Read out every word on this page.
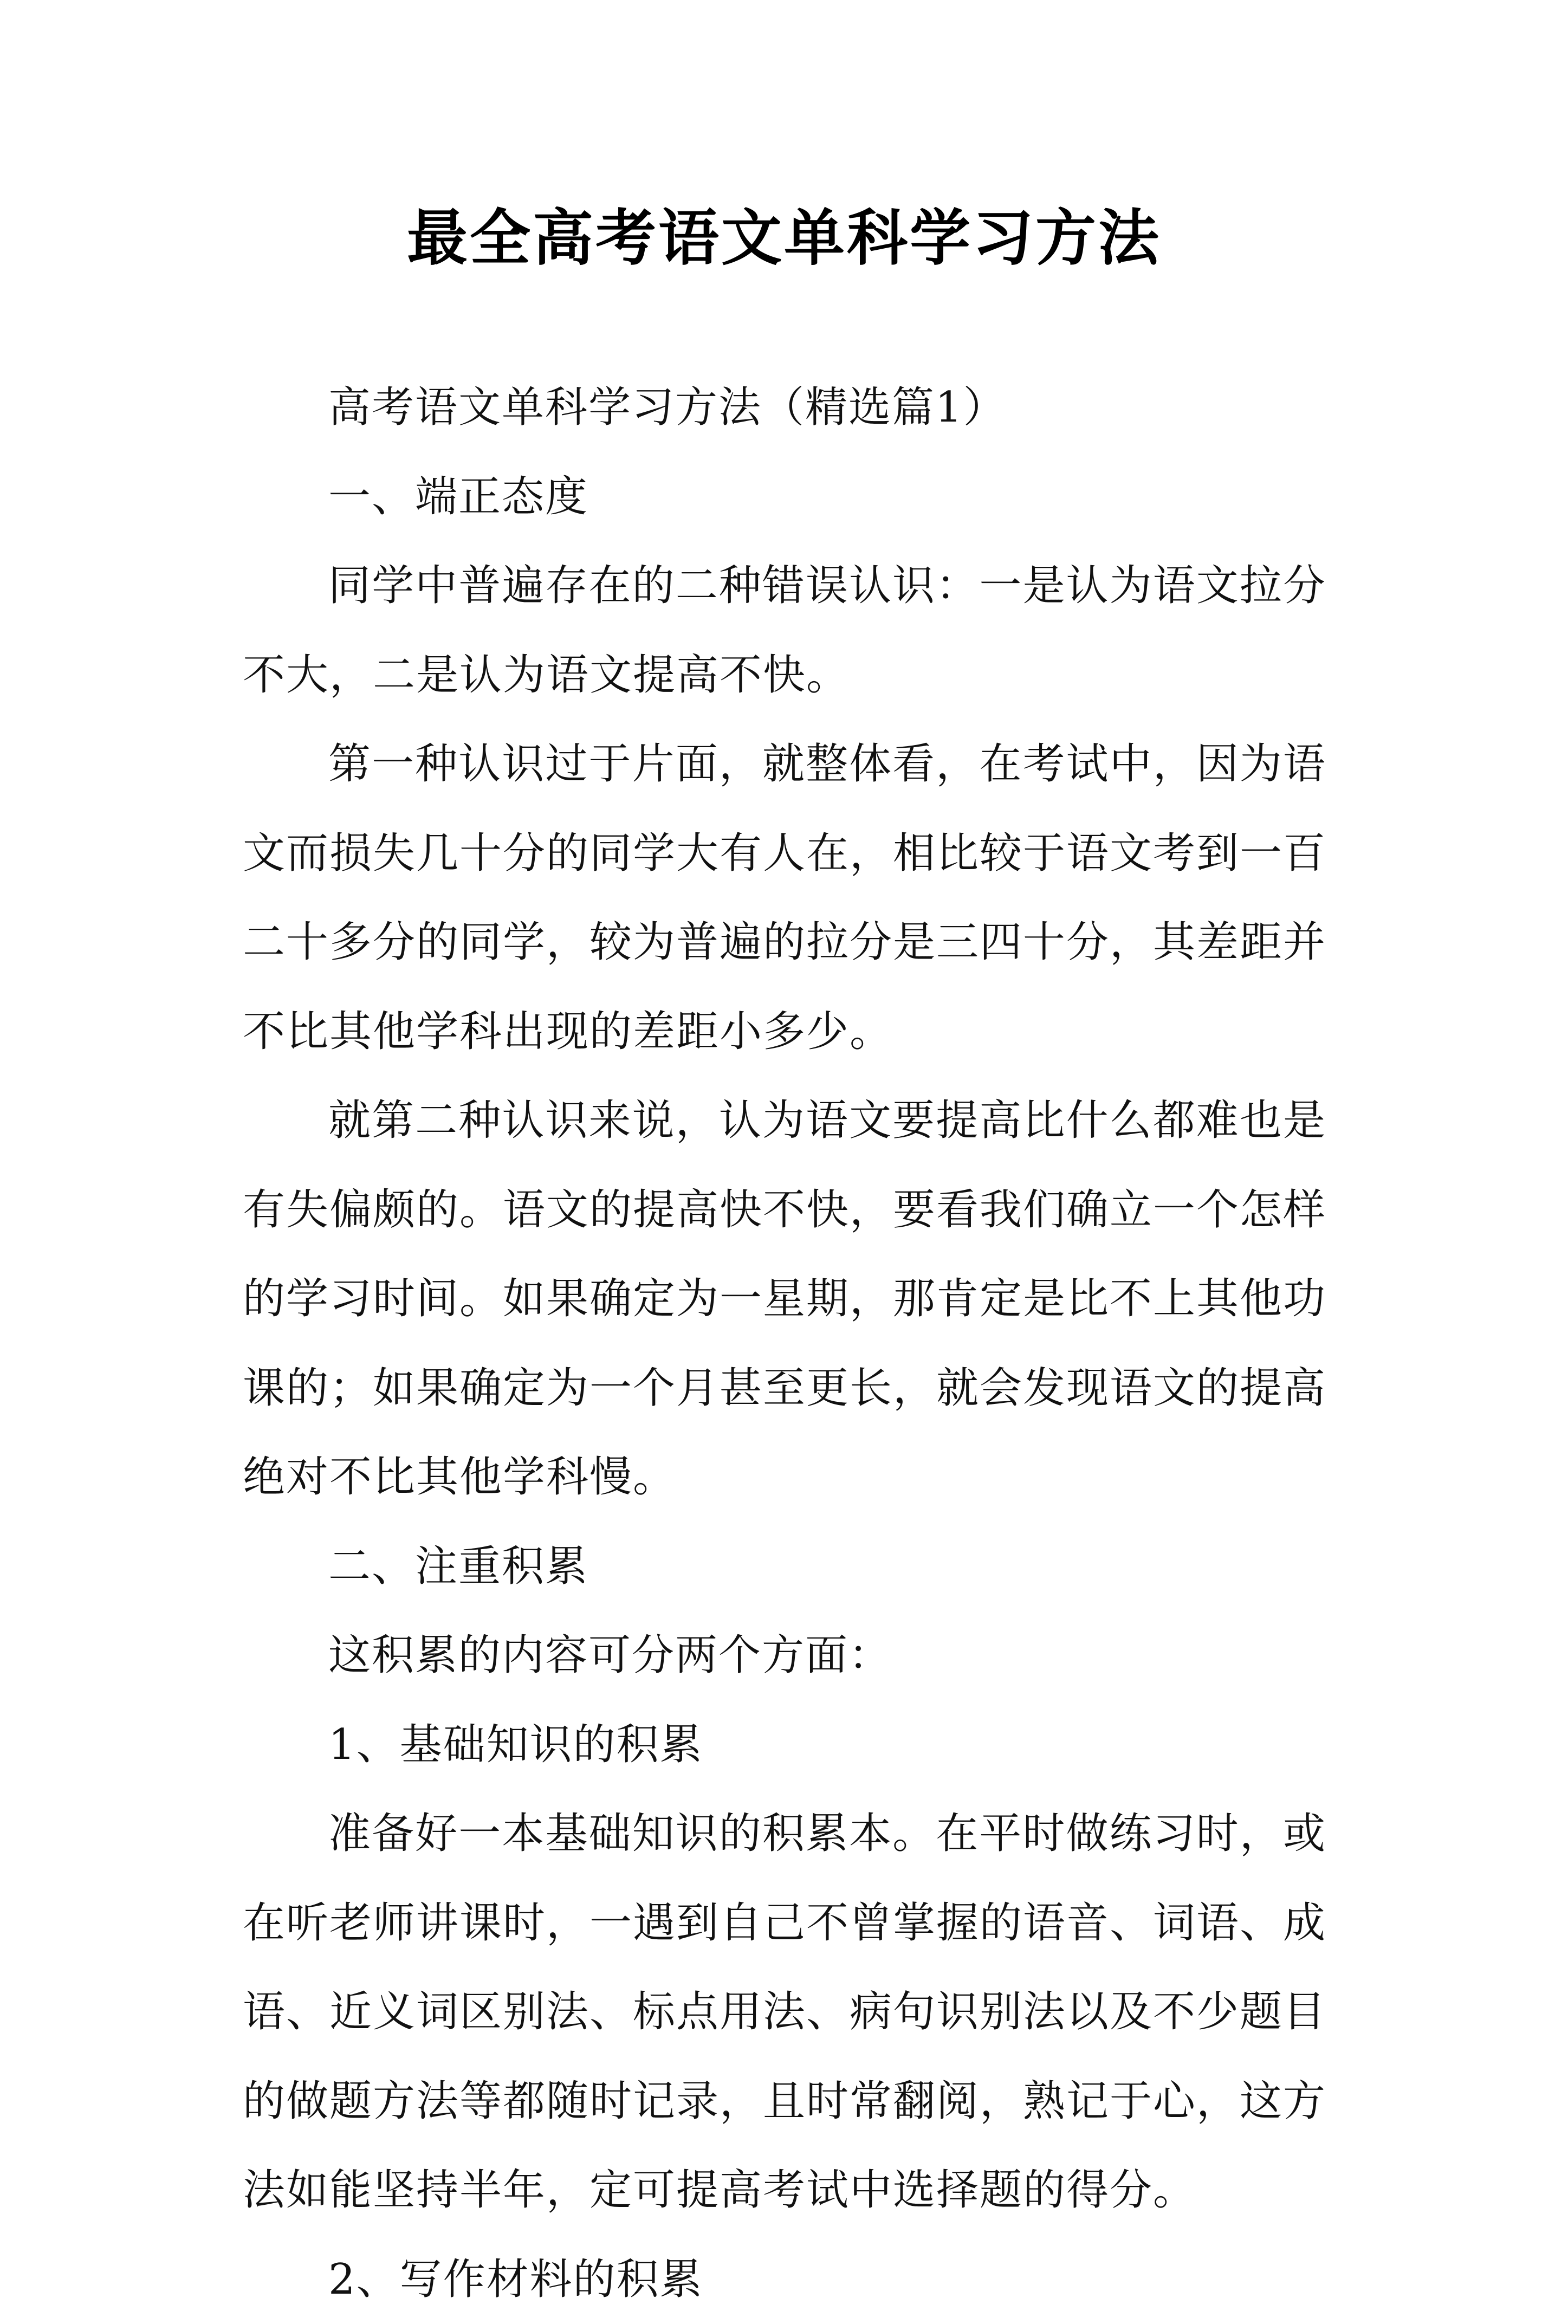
最全高考语文单科学习方法

高考语文单科学习方法（精选篇1）

一、端正态度

同学中普遍存在的二种错误认识：一是认为语文拉分不大，二是认为语文提高不快。

第一种认识过于片面，就整体看，在考试中，因为语文而损失几十分的同学大有人在，相比较于语文考到一百二十多分的同学，较为普遍的拉分是三四十分，其差距并不比其他学科出现的差距小多少。

就第二种认识来说，认为语文要提高比什么都难也是有失偏颇的。语文的提高快不快，要看我们确立一个怎样的学习时间。如果确定为一星期，那肯定是比不上其他功课的；如果确定为一个月甚至更长，就会发现语文的提高绝对不比其他学科慢。

二、注重积累

这积累的内容可分两个方面：

1、基础知识的积累

准备好一本基础知识的积累本。在平时做练习时，或在听老师讲课时，一遇到自己不曾掌握的语音、词语、成语、近义词区别法、标点用法、病句识别法以及不少题目的做题方法等都随时记录，且时常翻阅，熟记于心，这方法如能坚持半年，定可提高考试中选择题的得分。

2、写作材料的积累
